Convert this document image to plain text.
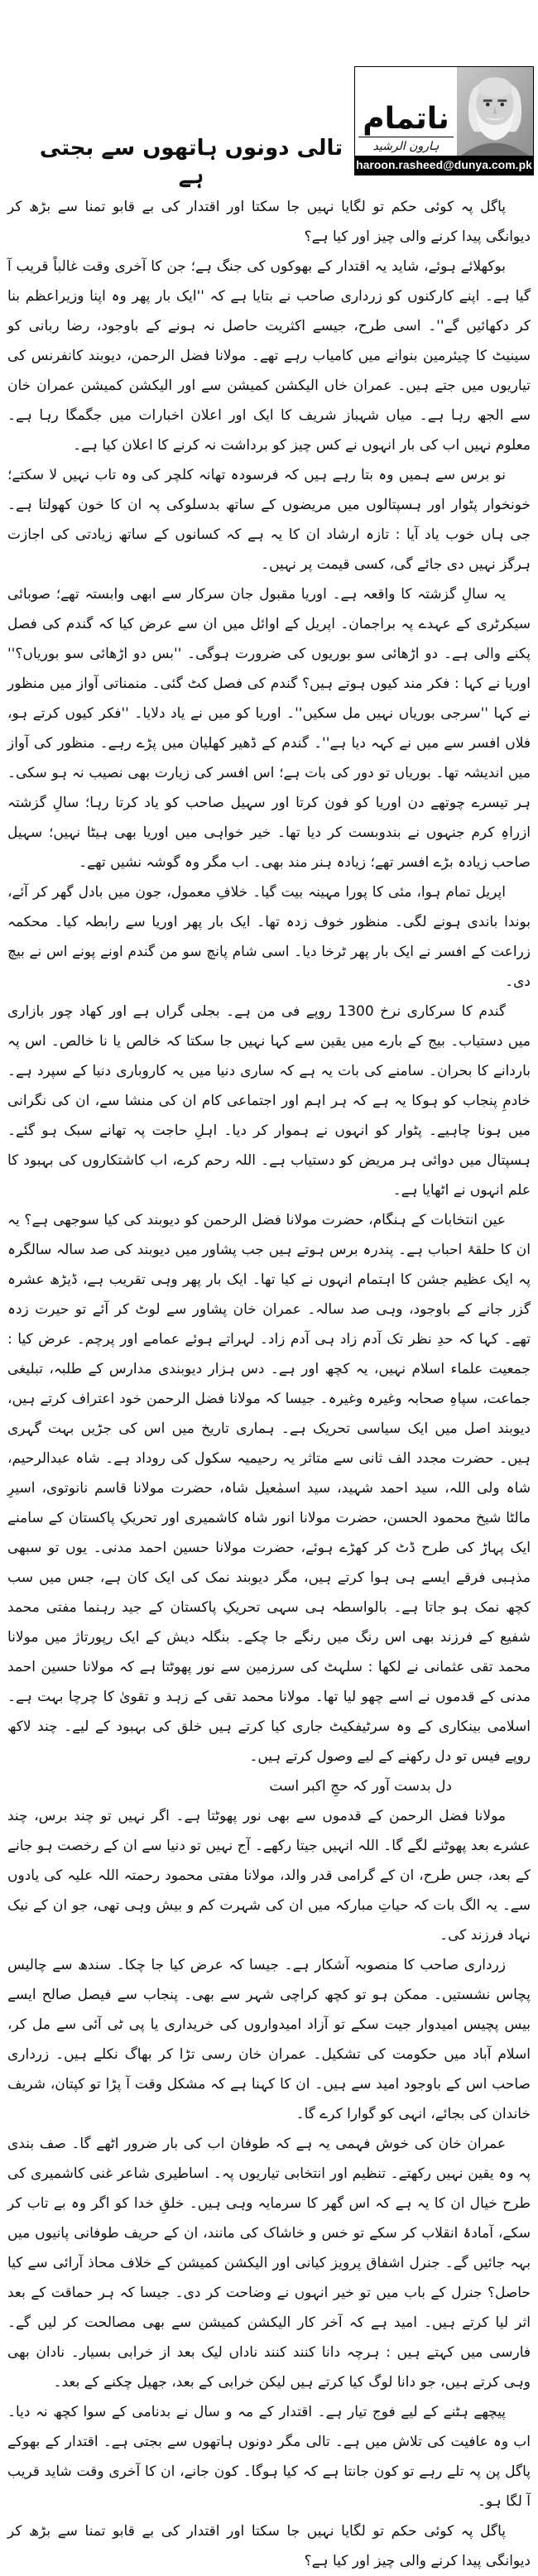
ناتمام
ہارون الرشید
haroon.rasheed@dunya.com.pk
تالی دونوں ہاتھوں سے بجتی ہے

پاگل پہ کوئی حکم تو لگایا نہیں جا سکتا اور اقتدار کی بے قابو تمنا سے بڑھ کر دیوانگی پیدا کرنے والی چیز اور کیا ہے؟

بوکھلائے ہوئے، شاید یہ اقتدار کے بھوکوں کی جنگ ہے؛ جن کا آخری وقت غالباً قریب آ گیا ہے۔ اپنے کارکنوں کو زرداری صاحب نے بتایا ہے کہ ''ایک بار پھر وہ اپنا وزیراعظم بنا کر دکھائیں گے''۔ اسی طرح، جیسے اکثریت حاصل نہ ہونے کے باوجود، رضا ربانی کو سینیٹ کا چیئرمین بنوانے میں کامیاب رہے تھے۔ مولانا فضل الرحمن، دیوبند کانفرنس کی تیاریوں میں جتے ہیں۔ عمران خاں الیکشن کمیشن سے اور الیکشن کمیشن عمران خان سے الجھ رہا ہے۔ میاں شہباز شریف کا ایک اور اعلان اخبارات میں جگمگا رہا ہے۔ معلوم نہیں اب کی بار انہوں نے کس چیز کو برداشت نہ کرنے کا اعلان کیا ہے۔

نو برس سے ہمیں وہ بتا رہے ہیں کہ فرسودہ تھانہ کلچر کی وہ تاب نہیں لا سکتے؛ خونخوار پٹوار اور ہسپتالوں میں مریضوں کے ساتھ بدسلوکی پہ ان کا خون کھولتا ہے۔ جی ہاں خوب یاد آیا : تازہ ارشاد ان کا یہ ہے کہ کسانوں کے ساتھ زیادتی کی اجازت ہرگز نہیں دی جائے گی، کسی قیمت پر نہیں۔

یہ سالِ گزشتہ کا واقعہ ہے۔ اوریا مقبول جان سرکار سے ابھی وابستہ تھے؛ صوبائی سیکرٹری کے عہدے پہ براجمان۔ اپریل کے اوائل میں ان سے عرض کیا کہ گندم کی فصل پکنے والی ہے۔ دو اڑھائی سو بوریوں کی ضرورت ہوگی۔ ''بس دو اڑھائی سو بوریاں؟'' اوریا نے کہا : فکر مند کیوں ہوتے ہیں؟ گندم کی فصل کٹ گئی۔ منمناتی آواز میں منظور نے کہا ''سرجی بوریاں نہیں مل سکیں''۔ اوریا کو میں نے یاد دلایا۔ ''فکر کیوں کرتے ہو، فلاں افسر سے میں نے کہہ دیا ہے''۔ گندم کے ڈھیر کھلیان میں پڑے رہے۔ منظور کی آواز میں اندیشہ تھا۔ بوریاں تو دور کی بات ہے؛ اس افسر کی زیارت بھی نصیب نہ ہو سکی۔ ہر تیسرے چوتھے دن اوریا کو فون کرتا اور سہیل صاحب کو یاد کرتا رہا؛ سالِ گزشتہ ازراہِ کرم جنہوں نے بندوبست کر دیا تھا۔ خیر خواہی میں اوریا بھی ہیٹا نہیں؛ سہیل صاحب زیادہ بڑے افسر تھے؛ زیادہ ہنر مند بھی۔ اب مگر وہ گوشہ نشیں تھے۔

اپریل تمام ہوا، مئی کا پورا مہینہ بیت گیا۔ خلافِ معمول، جون میں بادل گھر کر آئے، بوندا باندی ہونے لگی۔ منظور خوف زدہ تھا۔ ایک بار پھر اوریا سے رابطہ کیا۔ محکمہ زراعت کے افسر نے ایک بار پھر ٹرخا دیا۔ اسی شام پانچ سو من گندم اونے پونے اس نے بیچ دی۔

گندم کا سرکاری نرخ 1300 روپے فی من ہے۔ بجلی گراں ہے اور کھاد چور بازاری میں دستیاب۔ بیج کے بارے میں یقین سے کہا نہیں جا سکتا کہ خالص یا نا خالص۔ اس پہ باردانے کا بحران۔ سامنے کی بات یہ ہے کہ ساری دنیا میں یہ کاروباری دنیا کے سپرد ہے۔ خادمِ پنجاب کو ہوکا یہ ہے کہ ہر اہم اور اجتماعی کام ان کی منشا سے، ان کی نگرانی میں ہونا چاہیے۔ پٹوار کو انہوں نے ہموار کر دیا۔ اہلِ حاجت پہ تھانے سبک ہو گئے۔ ہسپتال میں دوائی ہر مریض کو دستیاب ہے۔ اللہ رحم کرے، اب کاشتکاروں کی بہبود کا علم انہوں نے اٹھایا ہے۔

عین انتخابات کے ہنگام، حضرت مولانا فضل الرحمن کو دیوبند کی کیا سوجھی ہے؟ یہ ان کا حلقۂ احباب ہے۔ پندرہ برس ہوتے ہیں جب پشاور میں دیوبند کی صد سالہ سالگرہ پہ ایک عظیم جشن کا اہتمام انہوں نے کیا تھا۔ ایک بار پھر وہی تقریب ہے، ڈیڑھ عشرہ گزر جانے کے باوجود، وہی صد سالہ۔ عمران خان پشاور سے لوٹ کر آئے تو حیرت زدہ تھے۔ کہا کہ حدِ نظر تک آدم زاد ہی آدم زاد۔ لہراتے ہوئے عمامے اور پرچم۔ عرض کیا : جمعیت علماء اسلام نہیں، یہ کچھ اور ہے۔ دس ہزار دیوبندی مدارس کے طلبہ، تبلیغی جماعت، سپاہِ صحابہ وغیرہ وغیرہ۔ جیسا کہ مولانا فضل الرحمن خود اعتراف کرتے ہیں، دیوبند اصل میں ایک سیاسی تحریک ہے۔ ہماری تاریخ میں اس کی جڑیں بہت گہری ہیں۔ حضرت مجدد الف ثانی سے متاثر یہ رحیمیہ سکول کی روداد ہے۔ شاہ عبدالرحیم، شاہ ولی اللہ، سید احمد شہید، سید اسمٰعیل شاہ، حضرت مولانا قاسم نانوتوی، اسیرِ مالٹا شیخ محمود الحسن، حضرت مولانا انور شاہ کاشمیری اور تحریکِ پاکستان کے سامنے ایک پہاڑ کی طرح ڈٹ کر کھڑے ہوئے، حضرت مولانا حسین احمد مدنی۔ یوں تو سبھی مذہبی فرقے ایسے ہی ہوا کرتے ہیں، مگر دیوبند نمک کی ایک کان ہے، جس میں سب کچھ نمک ہو جاتا ہے۔ بالواسطہ ہی سہی تحریکِ پاکستان کے جید رہنما مفتی محمد شفیع کے فرزند بھی اس رنگ میں رنگے جا چکے۔ بنگلہ دیش کے ایک رپورتاژ میں مولانا محمد تقی عثمانی نے لکھا : سلہٹ کی سرزمین سے نور پھوٹتا ہے کہ مولانا حسین احمد مدنی کے قدموں نے اسے چھو لیا تھا۔ مولانا محمد تقی کے زہد و تقویٰ کا چرچا بہت ہے۔ اسلامی بینکاری کے وہ سرٹیفکیٹ جاری کیا کرتے ہیں خلق کی بہبود کے لیے۔ چند لاکھ روپے فیس تو دل رکھنے کے لیے وصول کرتے ہیں۔

دل بدست آور کہ حجِ اکبر است

مولانا فضل الرحمن کے قدموں سے بھی نور پھوٹتا ہے۔ اگر نہیں تو چند برس، چند عشرے بعد پھوٹنے لگے گا۔ اللہ انہیں جیتا رکھے۔ آج نہیں تو دنیا سے ان کے رخصت ہو جانے کے بعد، جس طرح، ان کے گرامی قدر والد، مولانا مفتی محمود رحمتہ اللہ علیہ کی یادوں سے۔ یہ الگ بات کہ حیاتِ مبارکہ میں ان کی شہرت کم و بیش وہی تھی، جو ان کے نیک نہاد فرزند کی۔

زرداری صاحب کا منصوبہ آشکار ہے۔ جیسا کہ عرض کیا جا چکا۔ سندھ سے چالیس پچاس نشستیں۔ ممکن ہو تو کچھ کراچی شہر سے بھی۔ پنجاب سے فیصل صالح ایسے بیس پچیس امیدوار جیت سکے تو آزاد امیدواروں کی خریداری یا پی ٹی آئی سے مل کر، اسلام آباد میں حکومت کی تشکیل۔ عمران خان رسی تڑا کر بھاگ نکلے ہیں۔ زرداری صاحب اس کے باوجود امید سے ہیں۔ ان کا کہنا ہے کہ مشکل وقت آ پڑا تو کپتان، شریف خاندان کی بجائے، انہی کو گوارا کرے گا۔

عمران خان کی خوش فہمی یہ ہے کہ طوفان اب کی بار ضرور اٹھے گا۔ صف بندی پہ وہ یقین نہیں رکھتے۔ تنظیم اور انتخابی تیاریوں پہ۔ اساطیری شاعر غنی کاشمیری کی طرح خیال ان کا یہ ہے کہ اس گھر کا سرمایہ وہی ہیں۔ خلقِ خدا کو اگر وہ بے تاب کر سکے، آمادۂ انقلاب کر سکے تو خس و خاشاک کی مانند، ان کے حریف طوفانی پانیوں میں بہہ جائیں گے۔ جنرل اشفاق پرویز کیانی اور الیکشن کمیشن کے خلاف محاذ آرائی سے کیا حاصل؟ جنرل کے باب میں تو خیر انہوں نے وضاحت کر دی۔ جیسا کہ ہر حماقت کے بعد اثر لیا کرتے ہیں۔ امید ہے کہ آخر کار الیکشن کمیشن سے بھی مصالحت کر لیں گے۔ فارسی میں کہتے ہیں : ہرچہ دانا کنند کنند ناداں لیک بعد از خرابی بسیار۔ نادان بھی وہی کرتے ہیں، جو دانا لوگ کیا کرتے ہیں لیکن خرابی کے بعد، جھیل چکنے کے بعد۔

پیچھے ہٹنے کے لیے فوج تیار ہے۔ اقتدار کے مہ و سال نے بدنامی کے سوا کچھ نہ دیا۔ اب وہ عافیت کی تلاش میں ہے۔ تالی مگر دونوں ہاتھوں سے بجتی ہے۔ اقتدار کے بھوکے پاگل پن پہ تلے رہے تو کون جانتا ہے کہ کیا ہوگا۔ کون جانے، ان کا آخری وقت شاید قریب آ لگا ہو۔

پاگل پہ کوئی حکم تو لگایا نہیں جا سکتا اور اقتدار کی بے قابو تمنا سے بڑھ کر دیوانگی پیدا کرنے والی چیز اور کیا ہے؟
